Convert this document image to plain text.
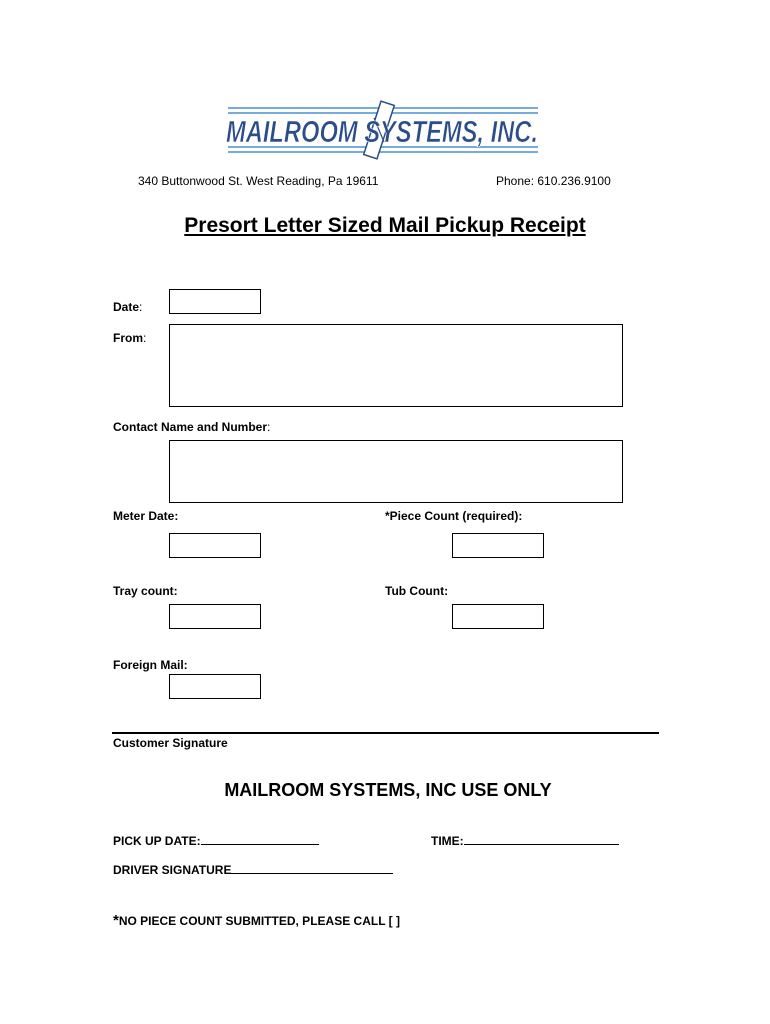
MAILROOM SYSTEMS, INC.
340 Buttonwood St. West Reading, Pa 19611	Phone: 610.236.9100
Presort Letter Sized Mail Pickup Receipt
Date:
From:
Contact Name and Number:
Meter Date:	*Piece Count (required):
Tray count:	Tub Count:
Foreign Mail:
Customer Signature
MAILROOM SYSTEMS, INC USE ONLY
PICK UP DATE:	TIME:
DRIVER SIGNATURE
*NO PIECE COUNT SUBMITTED, PLEASE CALL [ ]
